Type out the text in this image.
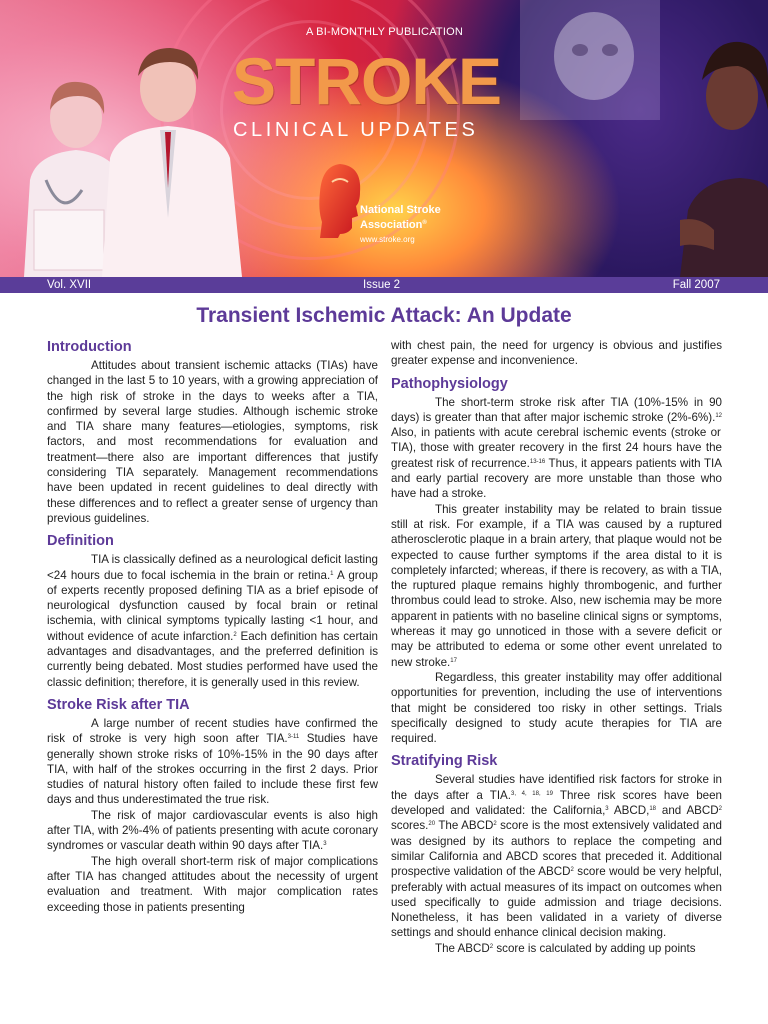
A BI-MONTHLY PUBLICATION
STROKE
CLINICAL UPDATES
National Stroke
Association®
www.stroke.org
Vol. XVII	Issue 2	Fall 2007
Transient Ischemic Attack: An Update
Introduction

Attitudes about transient ischemic attacks (TIAs) have changed in the last 5 to 10 years, with a growing appreciation of the high risk of stroke in the days to weeks after a TIA, confirmed by several large studies. Although ischemic stroke and TIA share many features—etiologies, symptoms, risk factors, and most recommendations for evaluation and treatment—there also are important differences that justify considering TIA separately. Management recommendations have been updated in recent guidelines to deal directly with these differences and to reflect a greater sense of urgency than previous guidelines.

Definition

TIA is classically defined as a neurological deficit lasting <24 hours due to focal ischemia in the brain or retina.$^1$ A group of experts recently proposed defining TIA as a brief episode of neurological dysfunction caused by focal brain or retinal ischemia, with clinical symptoms typically lasting <1 hour, and without evidence of acute infarction.$^2$ Each definition has certain advantages and disadvantages, and the preferred definition is currently being debated. Most studies performed have used the classic definition; therefore, it is generally used in this review.

Stroke Risk after TIA

A large number of recent studies have confirmed the risk of stroke is very high soon after TIA.$^{3-11}$ Studies have generally shown stroke risks of 10%-15% in the 90 days after TIA, with half of the strokes occurring in the first 2 days. Prior studies of natural history often failed to include these first few days and thus underestimated the true risk.

The risk of major cardiovascular events is also high after TIA, with 2%-4% of patients presenting with acute coronary syndromes or vascular death within 90 days after TIA.$^3$

The high overall short-term risk of major complications after TIA has changed attitudes about the necessity of urgent evaluation and treatment. With major complication rates exceeding those in patients presenting

with chest pain, the need for urgency is obvious and justifies greater expense and inconvenience.

Pathophysiology

The short-term stroke risk after TIA (10%-15% in 90 days) is greater than that after major ischemic stroke (2%-6%).$^{12}$ Also, in patients with acute cerebral ischemic events (stroke or TIA), those with greater recovery in the first 24 hours have the greatest risk of recurrence.$^{13-16}$ Thus, it appears patients with TIA and early partial recovery are more unstable than those who have had a stroke.

This greater instability may be related to brain tissue still at risk. For example, if a TIA was caused by a ruptured atherosclerotic plaque in a brain artery, that plaque would not be expected to cause further symptoms if the area distal to it is completely infarcted; whereas, if there is recovery, as with a TIA, the ruptured plaque remains highly thrombogenic, and further thrombus could lead to stroke. Also, new ischemia may be more apparent in patients with no baseline clinical signs or symptoms, whereas it may go unnoticed in those with a severe deficit or may be attributed to edema or some other event unrelated to new stroke.$^{17}$

Regardless, this greater instability may offer additional opportunities for prevention, including the use of interventions that might be considered too risky in other settings. Trials specifically designed to study acute therapies for TIA are required.

Stratifying Risk

Several studies have identified risk factors for stroke in the days after a TIA.$^{3, 4, 18, 19}$ Three risk scores have been developed and validated: the California,$^3$ ABCD,$^{18}$ and ABCD$^2$ scores.$^{20}$ The ABCD$^2$ score is the most extensively validated and was designed by its authors to replace the competing and similar California and ABCD scores that preceded it. Additional prospective validation of the ABCD$^2$ score would be very helpful, preferably with actual measures of its impact on outcomes when used specifically to guide admission and triage decisions. Nonetheless, it has been validated in a variety of diverse settings and should enhance clinical decision making.

The ABCD$^2$ score is calculated by adding up points
